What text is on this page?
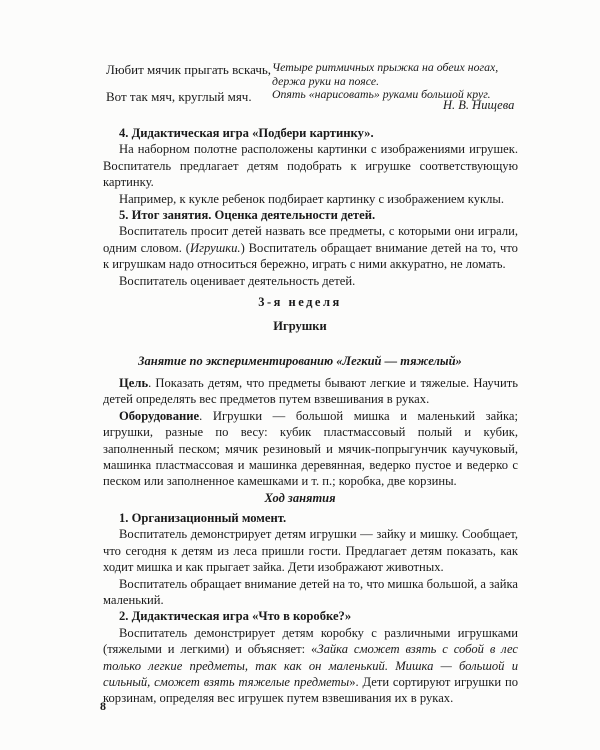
Любит мячик прыгать вскачь, Четыре ритмичных прыжка на обеих ногах, держа руки на поясе.
Вот так мяч, круглый мяч.	Опять «нарисовать» руками большой круг.
Н. В. Нищева

4. Дидактическая игра «Подбери картинку».

На наборном полотне расположены картинки с изображениями игрушек. Воспитатель предлагает детям подобрать к игрушке соответствующую картинку.

Например, к кукле ребенок подбирает картинку с изображением куклы.

5. Итог занятия. Оценка деятельности детей.

Воспитатель просит детей назвать все предметы, с которыми они играли, одним словом. (Игрушки.) Воспитатель обращает внимание детей на то, что к игрушкам надо относиться бережно, играть с ними аккуратно, не ломать.

Воспитатель оценивает деятельность детей.

3-я неделя
Игрушки
Занятие по экспериментированию «Легкий — тяжелый»

Цель. Показать детям, что предметы бывают легкие и тяжелые. Научить детей определять вес предметов путем взвешивания в руках.

Оборудование. Игрушки — большой мишка и маленький зайка; игрушки, разные по весу: кубик пластмассовый полый и кубик, заполненный песком; мячик резиновый и мячик-попрыгунчик каучуковый, машинка пластмассовая и машинка деревянная, ведерко пустое и ведерко с песком или заполненное камешками и т. п.; коробка, две корзины.

Ход занятия

1. Организационный момент.

Воспитатель демонстрирует детям игрушки — зайку и мишку. Сообщает, что сегодня к детям из леса пришли гости. Предлагает детям показать, как ходит мишка и как прыгает зайка. Дети изображают животных.

Воспитатель обращает внимание детей на то, что мишка большой, а зайка маленький.

2. Дидактическая игра «Что в коробке?»

Воспитатель демонстрирует детям коробку с различными игрушками (тяжелыми и легкими) и объясняет: «Зайка сможет взять с собой в лес только легкие предметы, так как он маленький. Мишка — большой и сильный, сможет взять тяжелые предметы». Дети сортируют игрушки по корзинам, определяя вес игрушек путем взвешивания их в руках.

8
